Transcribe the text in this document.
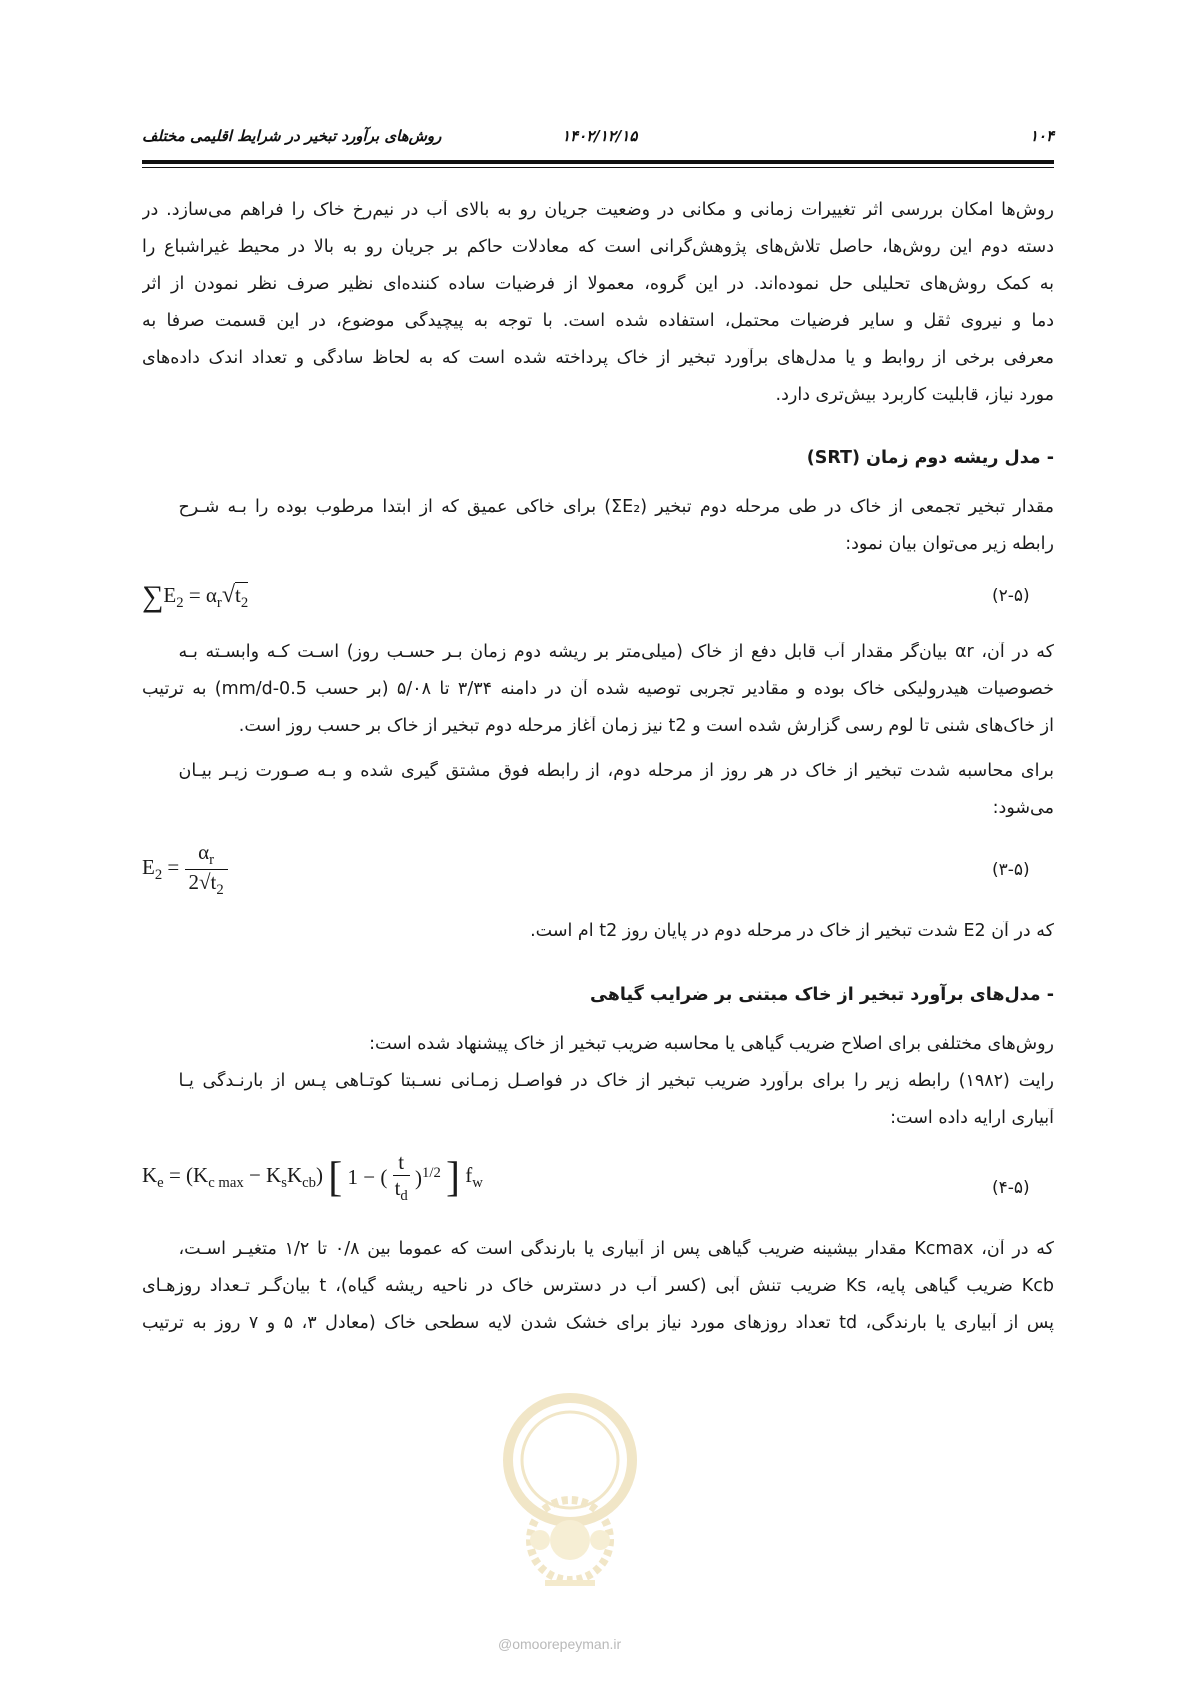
۱۰۴
۱۴۰۲/۱۲/۱۵
روش‌های برآورد تبخیر در شرایط اقلیمی مختلف
روش‌ها امکان بررسی اثر تغییرات زمانی و مکانی در وضعیت جریان رو به بالای آب در نیم‌رخ خاک را فراهم می‌سازد. در
دسته دوم این روش‌ها، حاصل تلاش‌های پژوهش‌گرانی است که معادلات حاکم بر جریان رو به بالا در محیط غیراشباع را
به کمک روش‌های تحلیلی حل نموده‌اند. در این گروه، معمولا از فرضیات ساده کننده‌ای نظیر صرف نظر نمودن از اثر
دما و نیروی ثقل و سایر فرضیات محتمل، استفاده شده است. با توجه به پیچیدگی موضوع، در این قسمت صرفا به
معرفی برخی از روابط و یا مدل‌های برآورد تبخیر از خاک پرداخته شده است که به لحاظ سادگی و تعداد اندک داده‌های
مورد نیاز، قابلیت کاربرد بیش‌تری دارد.
- مدل ریشه دوم زمان (SRT)
مقدار تبخیر تجمعی از خاک در طی مرحله دوم تبخیر (ΣE₂) برای خاکی عمیق که از ابتدا مرطوب بوده را بـه شـرح
رابطه زیر می‌توان بیان نمود:
$\sum E_2 = \alpha_r√t_2$	(۲-۵)
که در آن، αr بیان‌گر مقدار آب قابل دفع از خاک (میلی‌متر بر ریشه دوم زمان بـر حسـب روز) اسـت کـه وابسـته بـه
خصوصیات هیدرولیکی خاک بوده و مقادیر تجربی توصیه شده آن در دامنه ۳/۳۴ تا ۵/۰۸ (بر حسب mm/d-0.5) به ترتیب
از خاک‌های شنی تا لوم رسی گزارش شده است و t2 نیز زمان آغاز مرحله دوم تبخیر از خاک بر حسب روز است.
برای محاسبه شدت تبخیر از خاک در هر روز از مرحله دوم، از رابطه فوق مشتق گیری شده و بـه صـورت زیـر بیـان
می‌شود:
$E_2 = \frac{\alpha_r}{2√t_2}$	(۳-۵)
که در آن E2 شدت تبخیر از خاک در مرحله دوم در پایان روز t2 ام است.
- مدل‌های برآورد تبخیر از خاک مبتنی بر ضرایب گیاهی
روش‌های مختلفی برای اصلاح ضریب گیاهی یا محاسبه ضریب تبخیر از خاک پیشنهاد شده است:
رایت (۱۹۸۲) رابطه زیر را برای برآورد ضریب تبخیر از خاک در فواصـل زمـانی نسـبتا کوتـاهی پـس از بارنـدگی یـا
آبیاری ارایه داده است:
$K_e = (K_{c max} - K_sK_{cb})$ [ 1 − ( $\frac{t}{t_d} )^{1/2}$ ] $f_w$	(۴-۵)
که در آن، Kcmax مقدار بیشینه ضریب گیاهی پس از آبیاری یا بارندگی است که عموما بین ۰/۸ تا ۱/۲ متغیـر اسـت،
Kcb ضریب گیاهی پایه، Ks ضریب تنش آبی (کسر آب در دسترس خاک در ناحیه ریشه گیاه)، t بیان‌گـر تـعداد روزهـای
پس از آبیاری یا بارندگی، td تعداد روزهای مورد نیاز برای خشک شدن لایه سطحی خاک (معادل ۳، ۵ و ۷ روز به ترتیب
@omoorepeyman.ir
